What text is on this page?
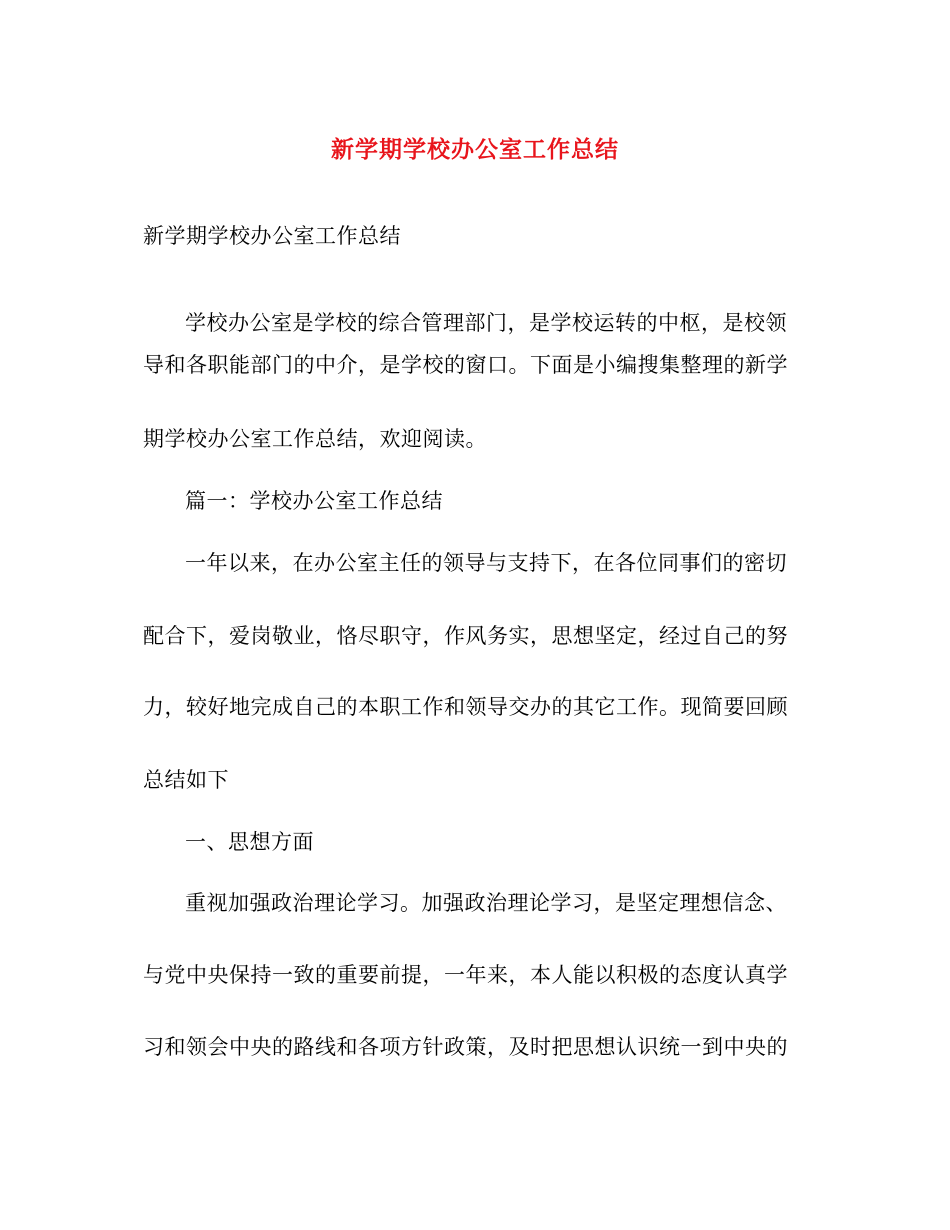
新学期学校办公室工作总结
新学期学校办公室工作总结
学校办公室是学校的综合管理部门，是学校运转的中枢，是校领
导和各职能部门的中介，是学校的窗口。下面是小编搜集整理的新学
期学校办公室工作总结，欢迎阅读。
篇一：学校办公室工作总结
一年以来，在办公室主任的领导与支持下，在各位同事们的密切
配合下，爱岗敬业，恪尽职守，作风务实，思想坚定，经过自己的努
力，较好地完成自己的本职工作和领导交办的其它工作。现简要回顾
总结如下
一、思想方面
重视加强政治理论学习。加强政治理论学习，是坚定理想信念、
与党中央保持一致的重要前提，一年来，本人能以积极的态度认真学
习和领会中央的路线和各项方针政策，及时把思想认识统一到中央的
